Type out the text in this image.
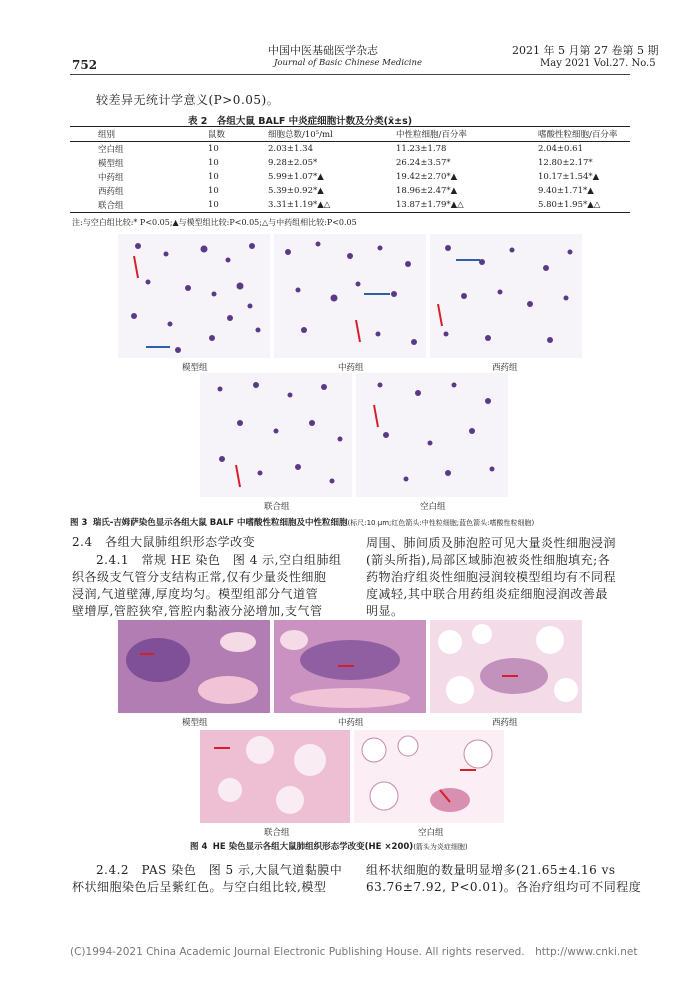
中国中医基础医学杂志
Journal of Basic Chinese Medicine
2021 年 5 月第 27 卷第 5 期
May 2021 Vol.27. No.5
752
较差异无统计学意义(P>0.05)。
表 2　各组大鼠 BALF 中炎症细胞计数及分类(x̄±s)
组别	鼠数	细胞总数/10⁵/ml	中性粒细胞/百分率	嗜酸性粒细胞/百分率
空白组	10	2.03±1.34	11.23±1.78	2.04±0.61
模型组	10	9.28±2.05*	26.24±3.57*	12.80±2.17*
中药组	10	5.99±1.07*▲	19.42±2.70*▲	10.17±1.54*▲
西药组	10	5.39±0.92*▲	18.96±2.47*▲	9.40±1.71*▲
联合组	10	3.31±1.19*▲△	13.87±1.79*▲△	5.80±1.95*▲△
注:与空白组比较:* P<0.05;▲与模型组比较:P<0.05;△与中药组相比较:P<0.05
模型组	中药组	西药组
联合组	空白组
图 3 瑞氏-吉姆萨染色显示各组大鼠 BALF 中嗜酸性粒细胞及中性粒细胞(标尺:10 μm;红色箭头:中性粒细胞;蓝色箭头:嗜酸性粒细胞)
2.4　各组大鼠肺组织形态学改变
2.4.1　常规 HE 染色　图 4 示,空白组肺组
织各级支气管分支结构正常,仅有少量炎性细胞
浸润,气道壁薄,厚度均匀。模型组部分气道管
壁增厚,管腔狭窄,管腔内黏液分泌增加,支气管
周围、肺间质及肺泡腔可见大量炎性细胞浸润
(箭头所指),局部区域肺泡被炎性细胞填充;各
药物治疗组炎性细胞浸润较模型组均有不同程
度减轻,其中联合用药组炎症细胞浸润改善最
明显。
模型组	中药组	西药组
联合组	空白组
图 4 HE 染色显示各组大鼠肺组织形态学改变(HE ×200)(箭头为炎症细胞)
2.4.2　PAS 染色　图 5 示,大鼠气道黏膜中
杯状细胞染色后呈紫红色。与空白组比较,模型
组杯状细胞的数量明显增多(21.65±4.16 vs
63.76±7.92, P<0.01)。各治疗组均可不同程度
(C)1994-2021 China Academic Journal Electronic Publishing House. All rights reserved.　http://www.cnki.net
